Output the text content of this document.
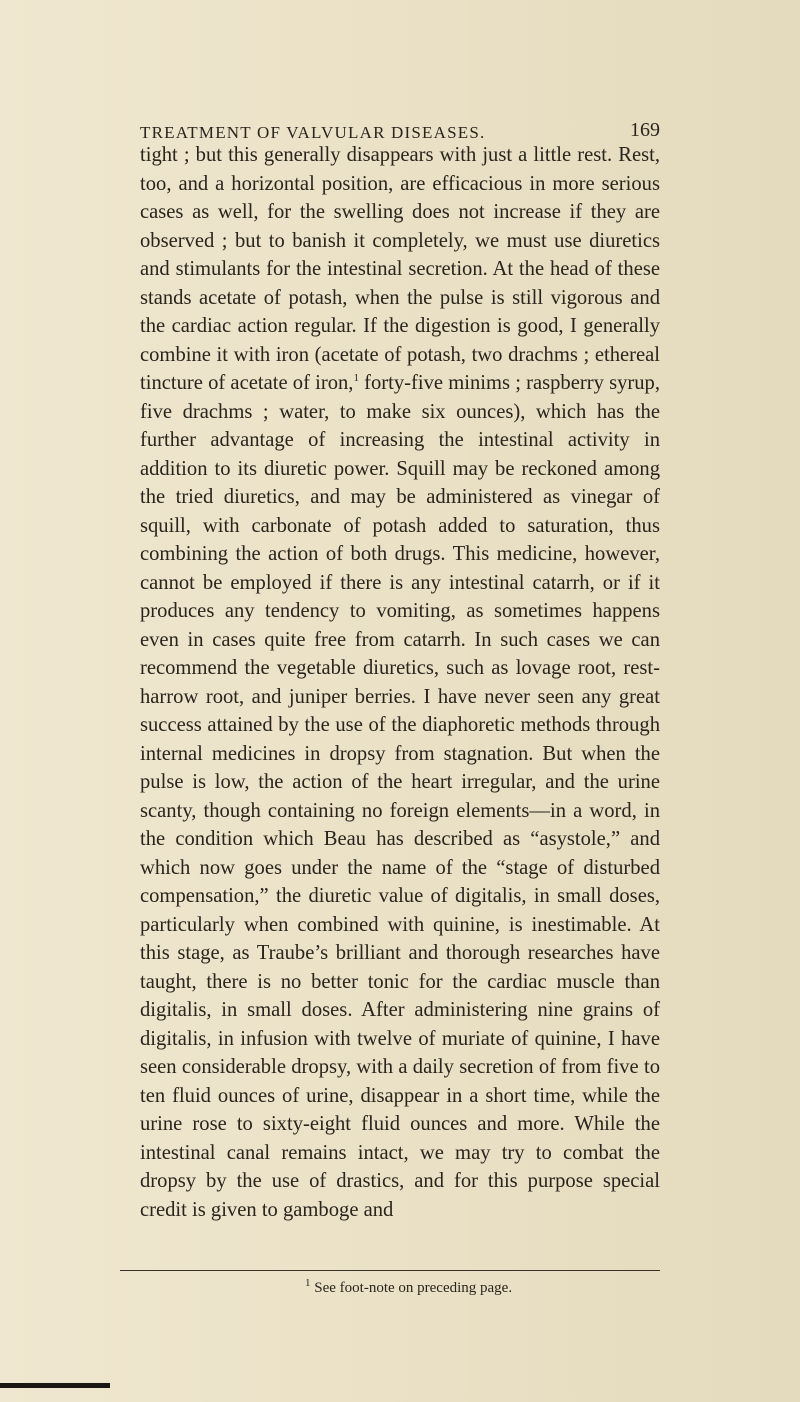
TREATMENT OF VALVULAR DISEASES.	169

tight ; but this generally disappears with just a little rest. Rest, too, and a horizontal position, are efficacious in more serious cases as well, for the swelling does not increase if they are observed ; but to banish it completely, we must use diuretics and stimulants for the intestinal secretion. At the head of these stands acetate of potash, when the pulse is still vigorous and the cardiac action regular. If the digestion is good, I generally combine it with iron (acetate of potash, two drachms ; ethereal tincture of acetate of iron,$^1$ forty-five minims ; raspberry syrup, five drachms ; water, to make six ounces), which has the further advantage of increasing the intestinal activity in addition to its diuretic power. Squill may be reckoned among the tried diuretics, and may be administered as vinegar of squill, with carbonate of potash added to saturation, thus combining the action of both drugs. This medicine, however, cannot be employed if there is any intestinal catarrh, or if it produces any tendency to vomiting, as sometimes happens even in cases quite free from catarrh. In such cases we can recommend the vegetable diuretics, such as lovage root, rest-harrow root, and juniper berries. I have never seen any great success attained by the use of the diaphoretic methods through internal medicines in dropsy from stagnation. But when the pulse is low, the action of the heart irregular, and the urine scanty, though containing no foreign elements—in a word, in the condition which Beau has described as “asystole,” and which now goes under the name of the “stage of disturbed compensation,” the diuretic value of digitalis, in small doses, particularly when combined with quinine, is inestimable. At this stage, as Traube’s brilliant and thorough researches have taught, there is no better tonic for the cardiac muscle than digitalis, in small doses. After administering nine grains of digitalis, in infusion with twelve of muriate of quinine, I have seen considerable dropsy, with a daily secretion of from five to ten fluid ounces of urine, disappear in a short time, while the urine rose to sixty-eight fluid ounces and more. While the intestinal canal remains intact, we may try to combat the dropsy by the use of drastics, and for this purpose special credit is given to gamboge and

$^1$ See foot-note on preceding page.
